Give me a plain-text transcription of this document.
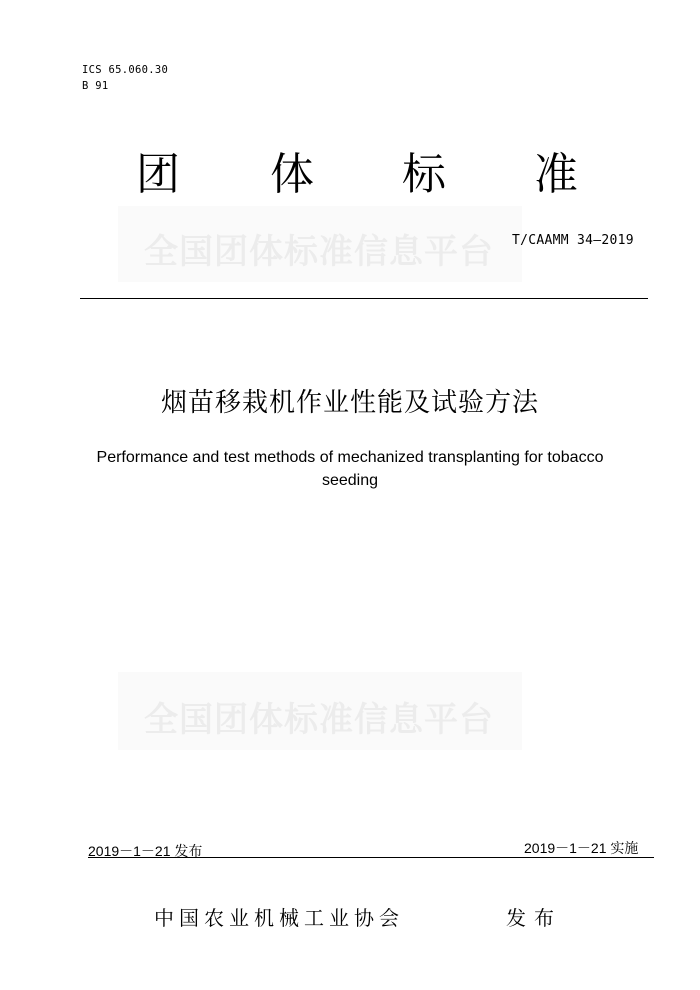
ICS 65.060.30
B 91
团 体 标 准
全国团体标准信息平台 T/CAAMM 34—2019
烟苗移栽机作业性能及试验方法
Performance and test methods of mechanized transplanting for tobacco
seeding
全国团体标准信息平台
2019－1－21 发布	2019－1－21 实施
中国农业机械工业协会	发布
